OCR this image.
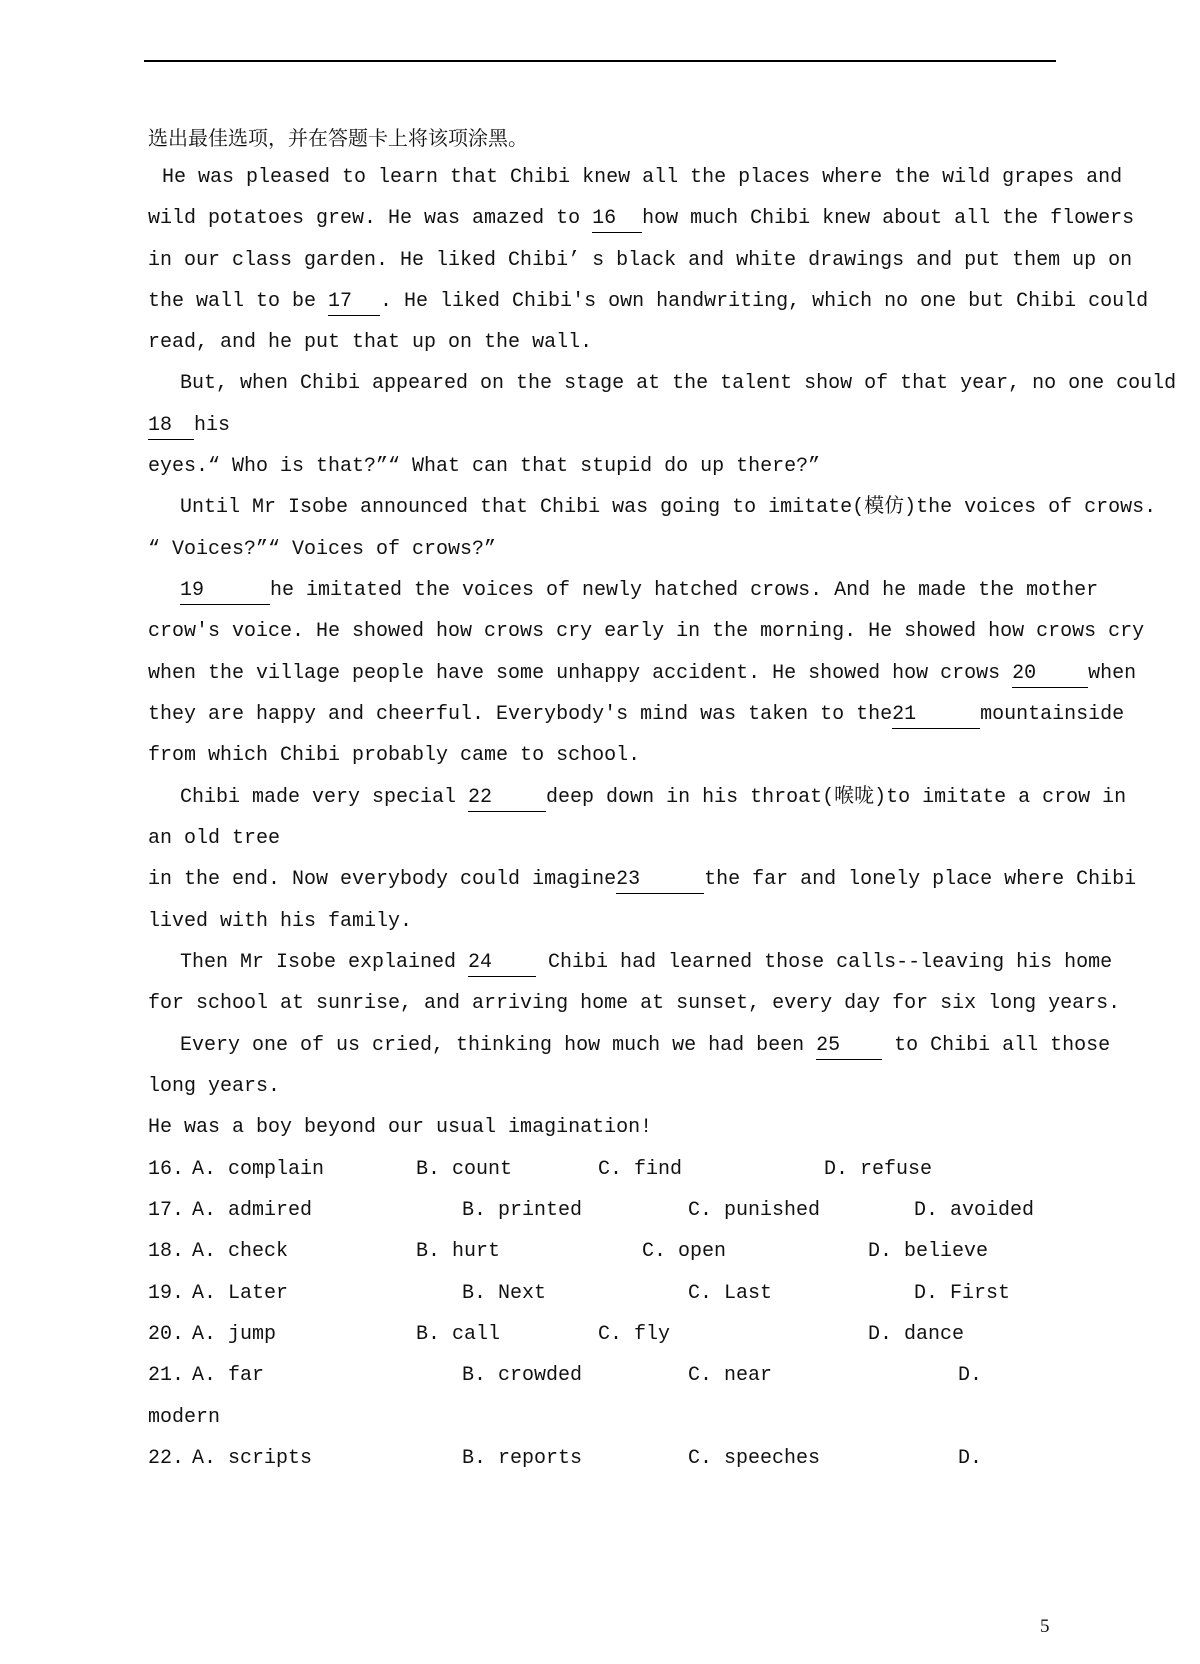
选出最佳选项，并在答题卡上将该项涂黑。
He was pleased to learn that Chibi knew all the places where the wild grapes and
wild potatoes grew. He was amazed to 16 how much Chibi knew about all the flowers
in our class garden. He liked Chibi’ s black and white drawings and put them up on
the wall to be 17 . He liked Chibi's own handwriting, which no one but Chibi could
read, and he put that up on the wall.
But, when Chibi appeared on the stage at the talent show of that year, no one could
18 his
eyes.“ Who is that?”“ What can that stupid do up there?”
Until Mr Isobe announced that Chibi was going to imitate(模仿)the voices of crows.
“ Voices?”“ Voices of crows?”
19	he imitated the voices of newly hatched crows. And he made the mother
crow's voice. He showed how crows cry early in the morning. He showed how crows cry
when the village people have some unhappy accident. He showed how crows 20	when
they are happy and cheerful. Everybody's mind was taken to the21	mountainside
from which Chibi probably came to school.
Chibi made very special 22	deep down in his throat(喉咙)to imitate a crow in
an old tree
in the end. Now everybody could imagine23	the far and lonely place where Chibi
lived with his family.
Then Mr Isobe explained 24 Chibi had learned those calls--leaving his home
for school at sunrise, and arriving home at sunset, every day for six long years.
Every one of us cried, thinking how much we had been 25 to Chibi all those
long years.
He was a boy beyond our usual imagination!
16. A. complain	B. count	C. find	D. refuse
17. A. admired	B. printed	C. punished	D. avoided
18. A. check	B. hurt	C. open	D. believe
19. A. Later	B. Next	C. Last	D. First
20. A. jump	B. call	C. fly	D. dance
21. A. far	B. crowded	C. near	D.
modern
22. A. scripts	B. reports	C. speeches	D.
5
